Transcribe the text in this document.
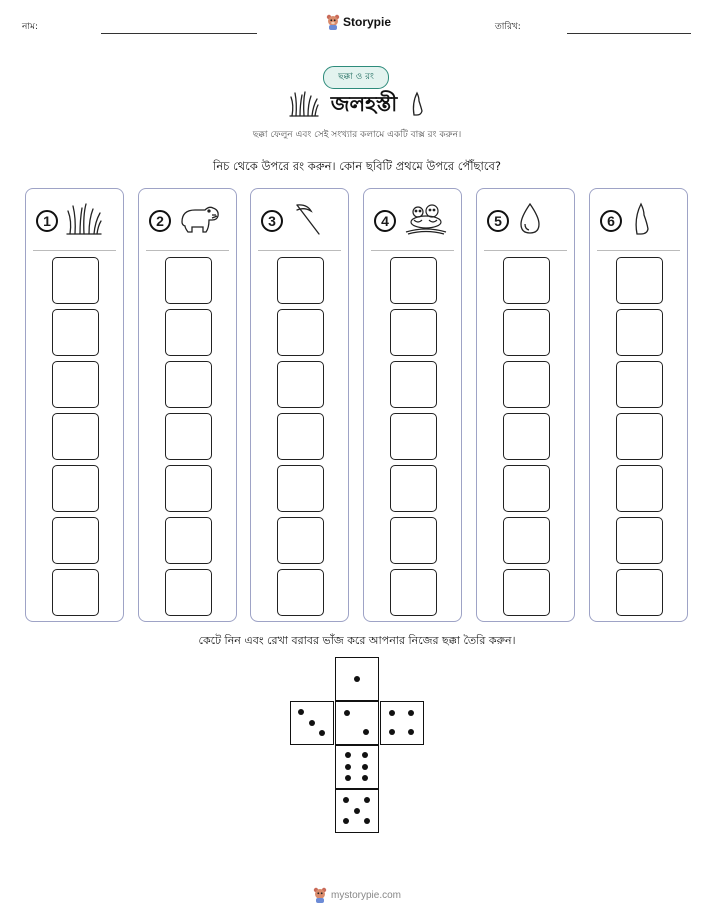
নাম:	Storypie	তারিখ:
ছক্কা ও রং
জলহস্তী
ছক্কা ফেলুন এবং সেই সংখ্যার কলামে একটি বাক্স রং করুন।
নিচ থেকে উপরে রং করুন। কোন ছবিটি প্রথমে উপরে পৌঁছাবে?
1	2	3	4	5	6
কেটে নিন এবং রেখা বরাবর ভাঁজ করে আপনার নিজের ছক্কা তৈরি করুন।
mystorypie.com
